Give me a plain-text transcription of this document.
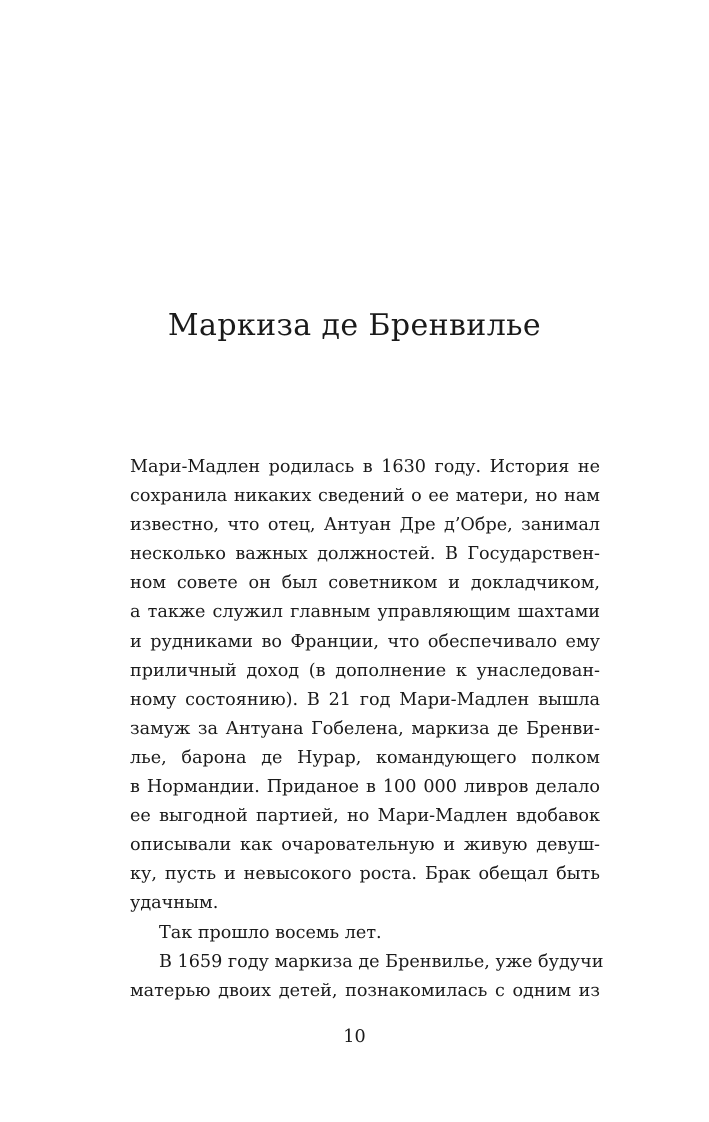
Маркиза де Бренвилье
Мари-Мадлен родилась в 1630 году. История не
сохранила никаких сведений о ее матери, но нам
известно, что отец, Антуан Дре д’Обре, занимал
несколько важных должностей. В Государствен-
ном совете он был советником и докладчиком,
а также служил главным управляющим шахтами
и рудниками во Франции, что обеспечивало ему
приличный доход (в дополнение к унаследован-
ному состоянию). В 21 год Мари-Мадлен вышла
замуж за Антуана Гобелена, маркиза де Бренви-
лье, барона де Нурар, командующего полком
в Нормандии. Приданое в 100 000 ливров делало
ее выгодной партией, но Мари-Мадлен вдобавок
описывали как очаровательную и живую девуш-
ку, пусть и невысокого роста. Брак обещал быть
удачным.
Так прошло восемь лет.
В 1659 году маркиза де Бренвилье, уже будучи
матерью двоих детей, познакомилась с одним из
10
